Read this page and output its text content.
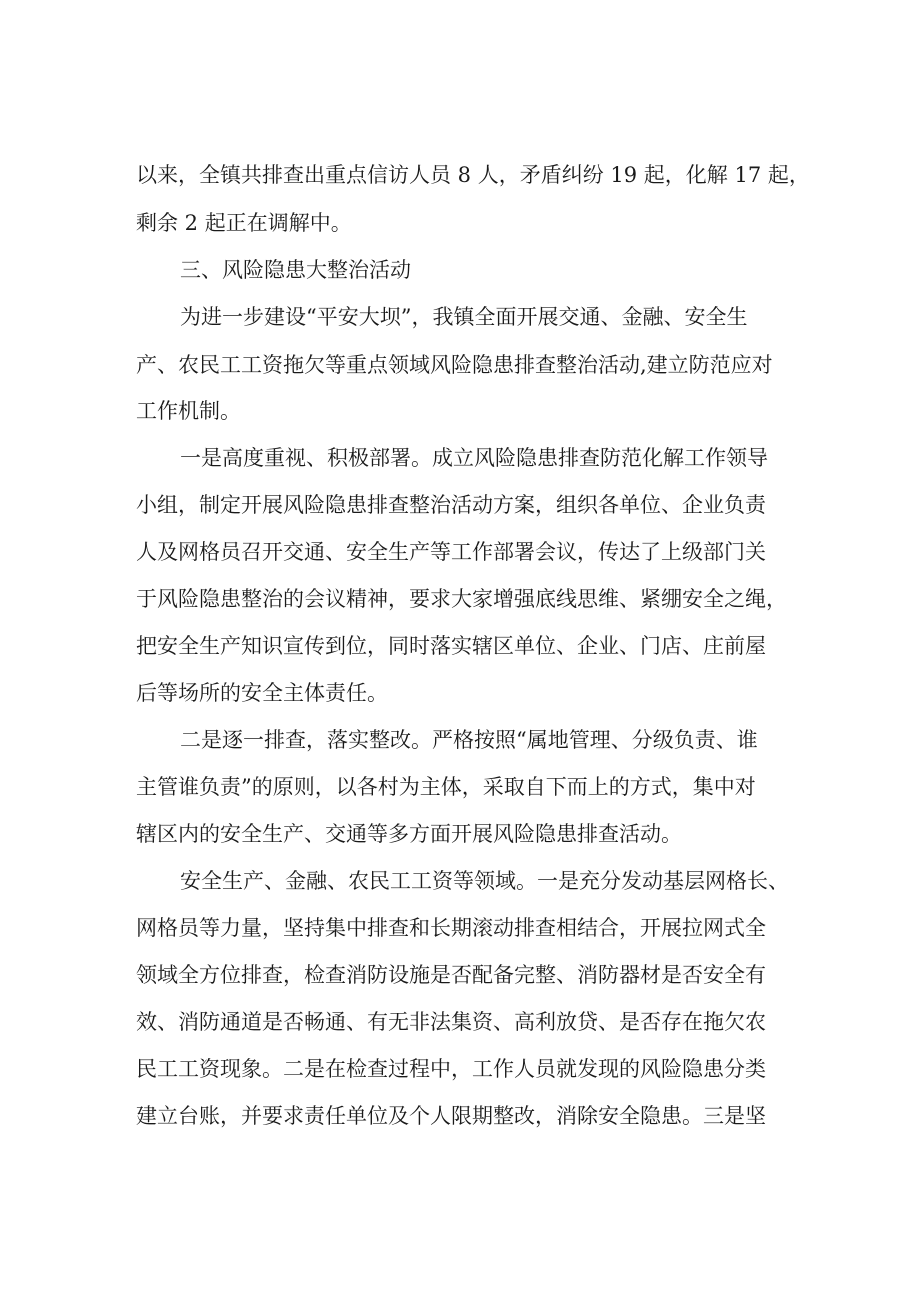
以来，全镇共排查出重点信访人员 8 人，矛盾纠纷 19 起，化解 17 起，
剩余 2 起正在调解中。
三、风险隐患大整治活动
为进一步建设“平安大坝”，我镇全面开展交通、金融、安全生
产、农民工工资拖欠等重点领域风险隐患排查整治活动,建立防范应对
工作机制。
一是高度重视、积极部署。成立风险隐患排查防范化解工作领导
小组，制定开展风险隐患排查整治活动方案，组织各单位、企业负责
人及网格员召开交通、安全生产等工作部署会议，传达了上级部门关
于风险隐患整治的会议精神，要求大家增强底线思维、紧绷安全之绳，
把安全生产知识宣传到位，同时落实辖区单位、企业、门店、庄前屋
后等场所的安全主体责任。
二是逐一排查，落实整改。严格按照“属地管理、分级负责、谁
主管谁负责”的原则，以各村为主体，采取自下而上的方式，集中对
辖区内的安全生产、交通等多方面开展风险隐患排查活动。
安全生产、金融、农民工工资等领域。一是充分发动基层网格长、
网格员等力量，坚持集中排查和长期滚动排查相结合，开展拉网式全
领域全方位排查，检查消防设施是否配备完整、消防器材是否安全有
效、消防通道是否畅通、有无非法集资、高利放贷、是否存在拖欠农
民工工资现象。二是在检查过程中，工作人员就发现的风险隐患分类
建立台账，并要求责任单位及个人限期整改，消除安全隐患。三是坚
